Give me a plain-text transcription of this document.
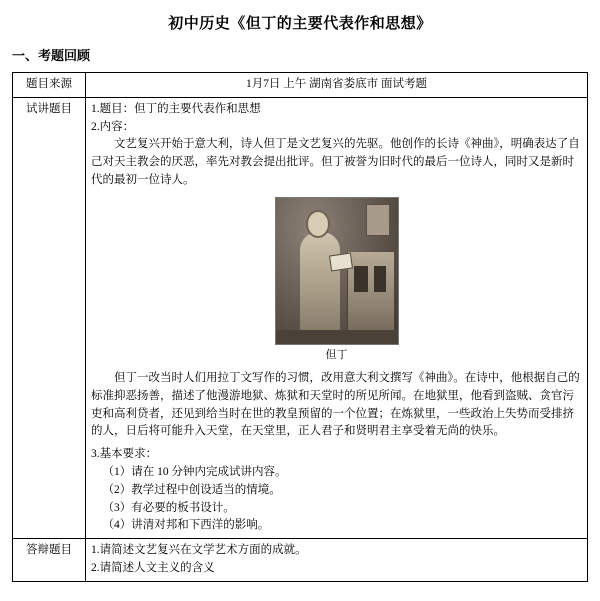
初中历史《但丁的主要代表作和思想》
一、考题回顾
题目来源	1月7日 上午 湖南省娄底市 面试考题
试讲题目	1.题目：但丁的主要代表作和思想

2.内容：

文艺复兴开始于意大利，诗人但丁是文艺复兴的先驱。他创作的长诗《神曲》，明确表达了自己对天主教会的厌恶，率先对教会提出批评。但丁被誉为旧时代的最后一位诗人，同时又是新时代的最初一位诗人。

但丁

但丁一改当时人们用拉丁文写作的习惯，改用意大利文撰写《神曲》。在诗中，他根据自己的标准抑恶扬善，描述了他漫游地狱、炼狱和天堂时的所见所闻。在地狱里，他看到盗贼、贪官污吏和高利贷者，还见到给当时在世的教皇预留的一个位置；在炼狱里，一些政治上失势而受排挤的人，日后将可能升入天堂，在天堂里，正人君子和贤明君主享受着无尚的快乐。

3.基本要求：

（1）请在 10 分钟内完成试讲内容。

（2）教学过程中创设适当的情境。

（3）有必要的板书设计。

（4）讲清对邦和下西洋的影响。

答辩题目	1.请简述文艺复兴在文学艺术方面的成就。

2.请简述人文主义的含义
